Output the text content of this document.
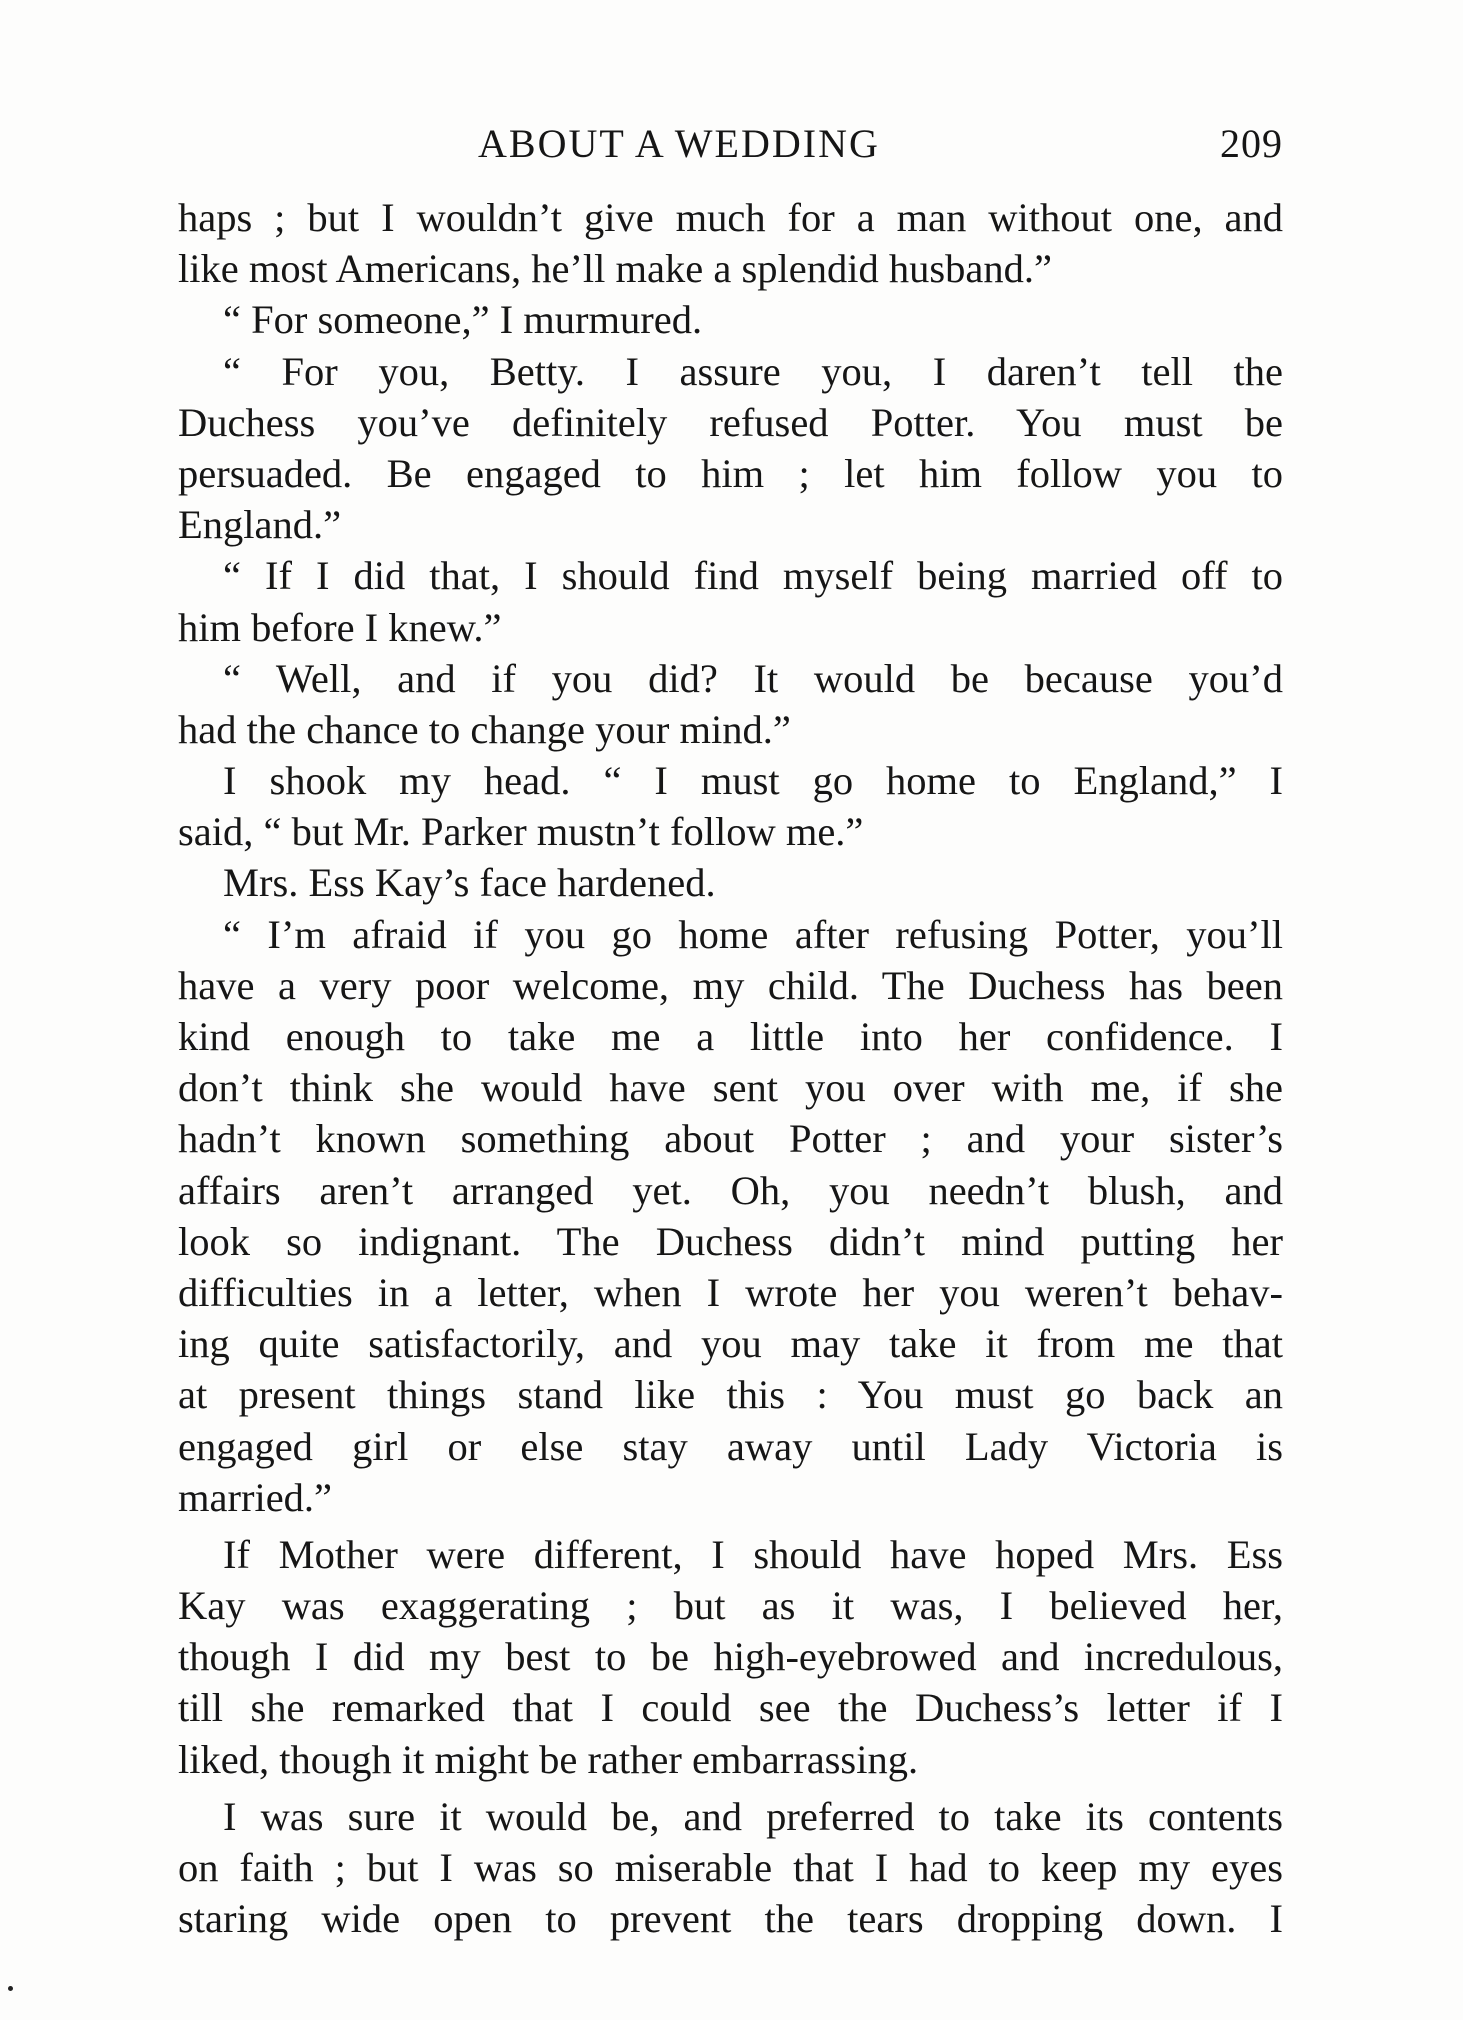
ABOUT A WEDDING	209
haps ; but I wouldn’t give much for a man without one, and
like most Americans, he’ll make a splendid husband.”
“ For someone,” I murmured.
“ For you, Betty. I assure you, I daren’t tell the
Duchess you’ve definitely refused Potter. You must be
persuaded. Be engaged to him ; let him follow you to
England.”
“ If I did that, I should find myself being married off to
him before I knew.”
“ Well, and if you did? It would be because you’d
had the chance to change your mind.”
I shook my head. “ I must go home to England,” I
said, “ but Mr. Parker mustn’t follow me.”
Mrs. Ess Kay’s face hardened.
“ I’m afraid if you go home after refusing Potter, you’ll
have a very poor welcome, my child. The Duchess has been
kind enough to take me a little into her confidence. I
don’t think she would have sent you over with me, if she
hadn’t known something about Potter ; and your sister’s
affairs aren’t arranged yet. Oh, you needn’t blush, and
look so indignant. The Duchess didn’t mind putting her
difficulties in a letter, when I wrote her you weren’t behav-
ing quite satisfactorily, and you may take it from me that
at present things stand like this : You must go back an
engaged girl or else stay away until Lady Victoria is
married.”
If Mother were different, I should have hoped Mrs. Ess
Kay was exaggerating ; but as it was, I believed her,
though I did my best to be high-eyebrowed and incredulous,
till she remarked that I could see the Duchess’s letter if I
liked, though it might be rather embarrassing.
I was sure it would be, and preferred to take its contents
on faith ; but I was so miserable that I had to keep my eyes
staring wide open to prevent the tears dropping down. I
